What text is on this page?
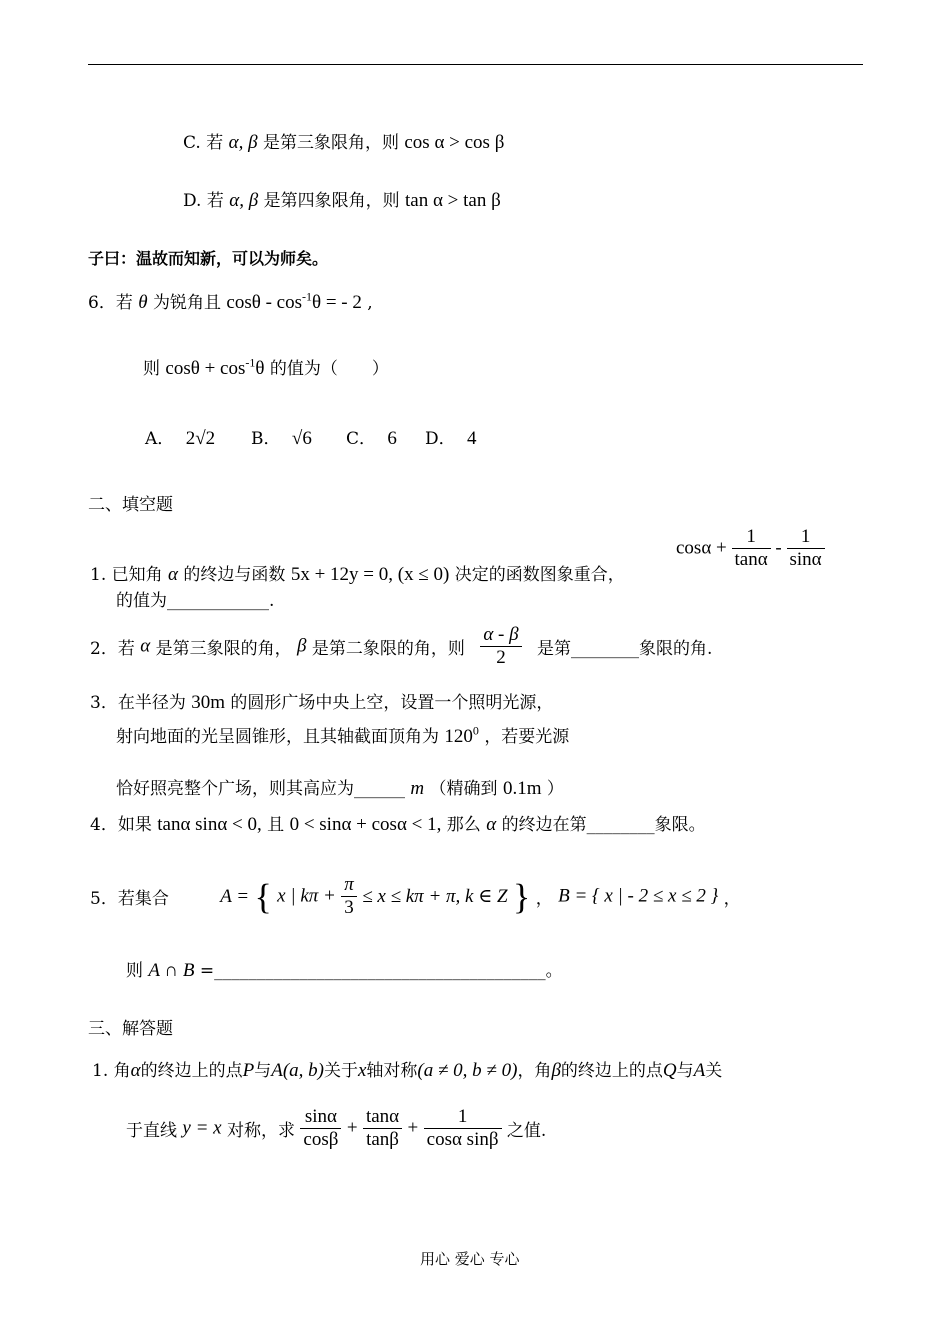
C. 若 α, β 是第三象限角，则 cos α > cos β
D. 若 α, β 是第四象限角，则 tan α > tan β
子曰：温故而知新，可以为师矣。
6．若 θ 为锐角且 cosθ - $\cos^{-1}\theta$ = - 2 ,
则 $\cos\theta + \cos^{-1}\theta$ 的值为（　　）
A． 2√2 B． √6 C． 6 D． 4
二、填空题
1. 已知角 α 的终边与函数 5x + 12y = 0, (x ≤ 0) 决定的函数图象重合，
$\cos\alpha + \frac{1}{\tan\alpha} - \frac{1}{\sin\alpha}$
的值为____________.
2．若 α 是第三象限的角， β 是第二象限的角，则 $\frac{\alpha - \beta}{2}$ 是第________象限的角.
3．在半径为 30m 的圆形广场中央上空，设置一个照明光源，
射向地面的光呈圆锥形，且其轴截面顶角为 $120^0$ ，若要光源
恰好照亮整个广场，则其高应为______ m （精确到 0.1m ）
4．如果 tanα sinα < 0, 且 0 < sinα + cosα < 1, 那么 α 的终边在第________象限。
5．若集合	A = { x | $k\pi + \frac{\pi}{3} \le x \le k\pi + \pi$, k ∈ Z } ， B = { x | - 2 ≤ x ≤ 2 } ，
则 A ∩ B =_______________________________________。
三、解答题
1. 角α的终边上的点P与A(a, b)关于x轴对称(a ≠ 0, b ≠ 0)，角β的终边上的点Q与A关
于直线 y = x 对称，求 $\frac{\sin\alpha}{\cos\beta} + \frac{\tan\alpha}{\tan\beta} + \frac{1}{\text{cosα sinβ}}$ 之值.
用心 爱心 专心
